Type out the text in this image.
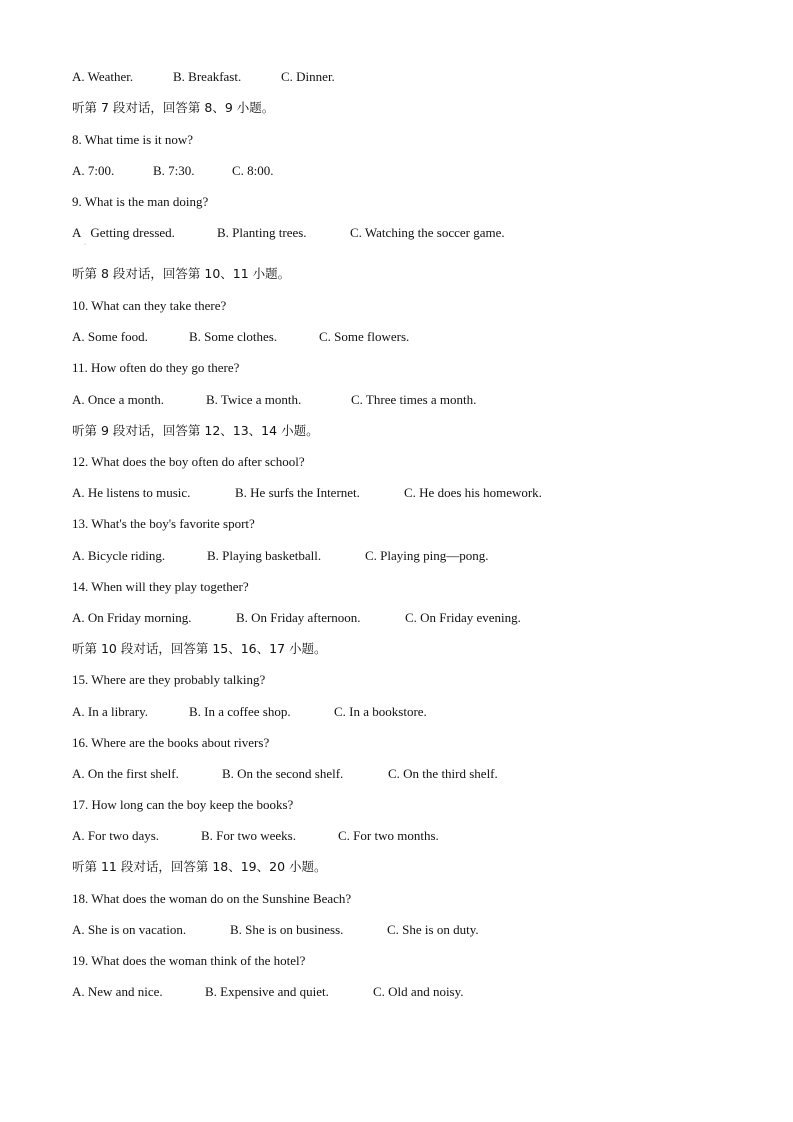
A. Weather.	B. Breakfast.	C. Dinner.
听第 7 段对话，回答第 8、9 小题。
8. What time is it now?
A. 7:00.	B. 7:30.	C. 8:00.
9. What is the man doing?
A   Getting dressed.	B. Planting trees.	C. Watching the soccer game.
·
听第 8 段对话，回答第 10、11 小题。
10. What can they take there?
A. Some food.	B. Some clothes.	C. Some flowers.
11. How often do they go there?
A. Once a month.	B. Twice a month.	C. Three times a month.
听第 9 段对话，回答第 12、13、14 小题。
12. What does the boy often do after school?
A. He listens to music.	B. He surfs the Internet.	C. He does his homework.
13. What's the boy's favorite sport?
A. Bicycle riding.	B. Playing basketball.	C. Playing ping—pong.
14. When will they play together?
A. On Friday morning.	B. On Friday afternoon.	C. On Friday evening.
听第 10 段对话，回答第 15、16、17 小题。
15. Where are they probably talking?
A. In a library.	B. In a coffee shop.	C. In a bookstore.
16. Where are the books about rivers?
A. On the first shelf.	B. On the second shelf.	C. On the third shelf.
17. How long can the boy keep the books?
A. For two days.	B. For two weeks.	C. For two months.
听第 11 段对话，回答第 18、19、20 小题。
18. What does the woman do on the Sunshine Beach?
A. She is on vacation.	B. She is on business.	C. She is on duty.
19. What does the woman think of the hotel?
A. New and nice.	B. Expensive and quiet.	C. Old and noisy.
